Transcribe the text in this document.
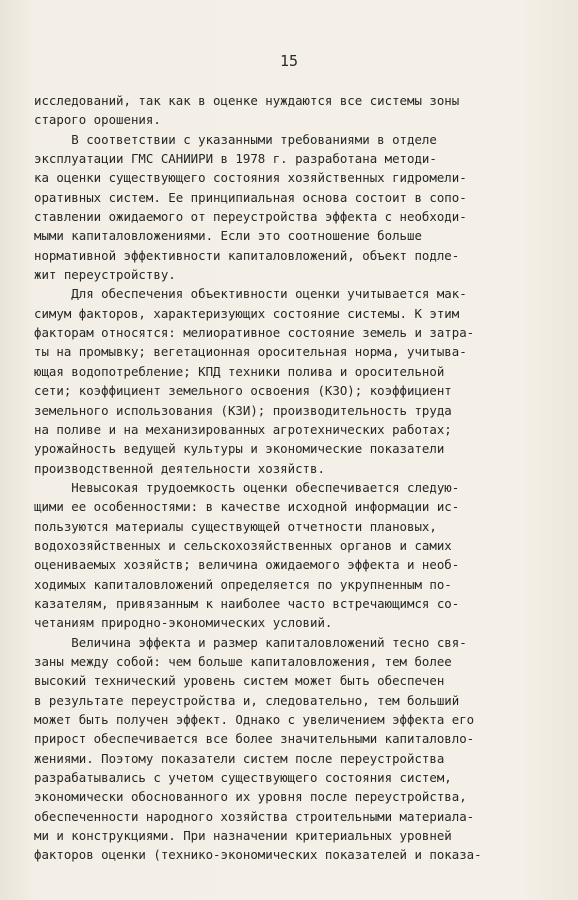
15
исследований, так как в оценке нуждаются все системы зоны
старого орошения.
В соответствии с указанными требованиями в отделе
эксплуатации ГМС САНИИРИ в 1978 г. разработана методи-
ка оценки существующего состояния хозяйственных гидромели-
оративных систем. Ее принципиальная основа состоит в сопо-
ставлении ожидаемого от переустройства эффекта с необходи-
мыми капиталовложениями. Если это соотношение больше
нормативной эффективности капиталовложений, объект подле-
жит переустройству.
Для обеспечения объективности оценки учитывается мак-
симум факторов, характеризующих состояние системы. К этим
факторам относятся: мелиоративное состояние земель и затра-
ты на промывку; вегетационная оросительная норма, учитыва-
ющая водопотребление; КПД техники полива и оросительной
сети; коэффициент земельного освоения (КЗО); коэффициент
земельного использования (КЗИ); производительность труда
на поливе и на механизированных агротехнических работах;
урожайность ведущей культуры и экономические показатели
производственной деятельности хозяйств.
Невысокая трудоемкость оценки обеспечивается следую-
щими ее особенностями: в качестве исходной информации ис-
пользуются материалы существующей отчетности плановых,
водохозяйственных и сельскохозяйственных органов и самих
оцениваемых хозяйств; величина ожидаемого эффекта и необ-
ходимых капиталовложений определяется по укрупненным по-
казателям, привязанным к наиболее часто встречающимся со-
четаниям природно-экономических условий.
Величина эффекта и размер капиталовложений тесно свя-
заны между собой: чем больше капиталовложения, тем более
высокий технический уровень систем может быть обеспечен
в результате переустройства и, следовательно, тем больший
может быть получен эффект. Однако с увеличением эффекта его
прирост обеспечивается все более значительными капиталовло-
жениями. Поэтому показатели систем после переустройства
разрабатывались с учетом существующего состояния систем,
экономически обоснованного их уровня после переустройства,
обеспеченности народного хозяйства строительными материала-
ми и конструкциями. При назначении критериальных уровней
факторов оценки (технико-экономических показателей и показа-
